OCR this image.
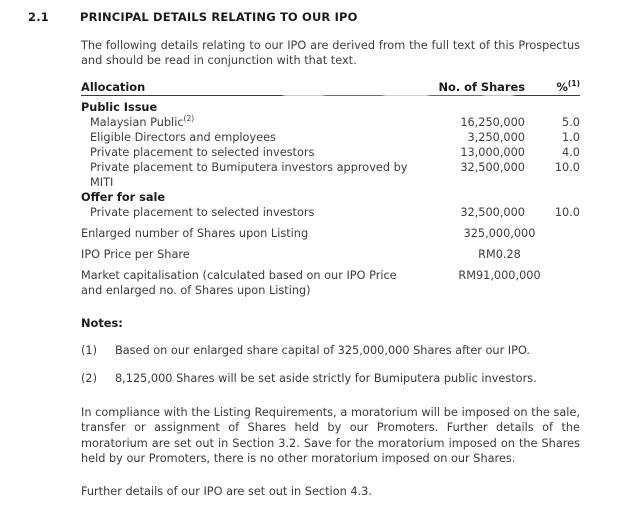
2.1	PRINCIPAL DETAILS RELATING TO OUR IPO

The following details relating to our IPO are derived from the full text of this Prospectus and should be read in conjunction with that text.

Allocation	No. of Shares	%$^{(1)}$
Public Issue		
Malaysian Public$^{(2)}$	16,250,000	5.0
Eligible Directors and employees	3,250,000	1.0
Private placement to selected investors	13,000,000	4.0
Private placement to Bumiputera investors approved by MITI	32,500,000	10.0
Offer for sale		
Private placement to selected investors	32,500,000	10.0
Enlarged number of Shares upon Listing	325,000,000	
IPO Price per Share	RM0.28	
Market capitalisation (calculated based on our IPO Price and enlarged no. of Shares upon Listing)	RM91,000,000	
Notes:
(1)	Based on our enlarged share capital of 325,000,000 Shares after our IPO.
(2)	8,125,000 Shares will be set aside strictly for Bumiputera public investors.

In compliance with the Listing Requirements, a moratorium will be imposed on the sale, transfer or assignment of Shares held by our Promoters. Further details of the moratorium are set out in Section 3.2. Save for the moratorium imposed on the Shares held by our Promoters, there is no other moratorium imposed on our Shares.

Further details of our IPO are set out in Section 4.3.
